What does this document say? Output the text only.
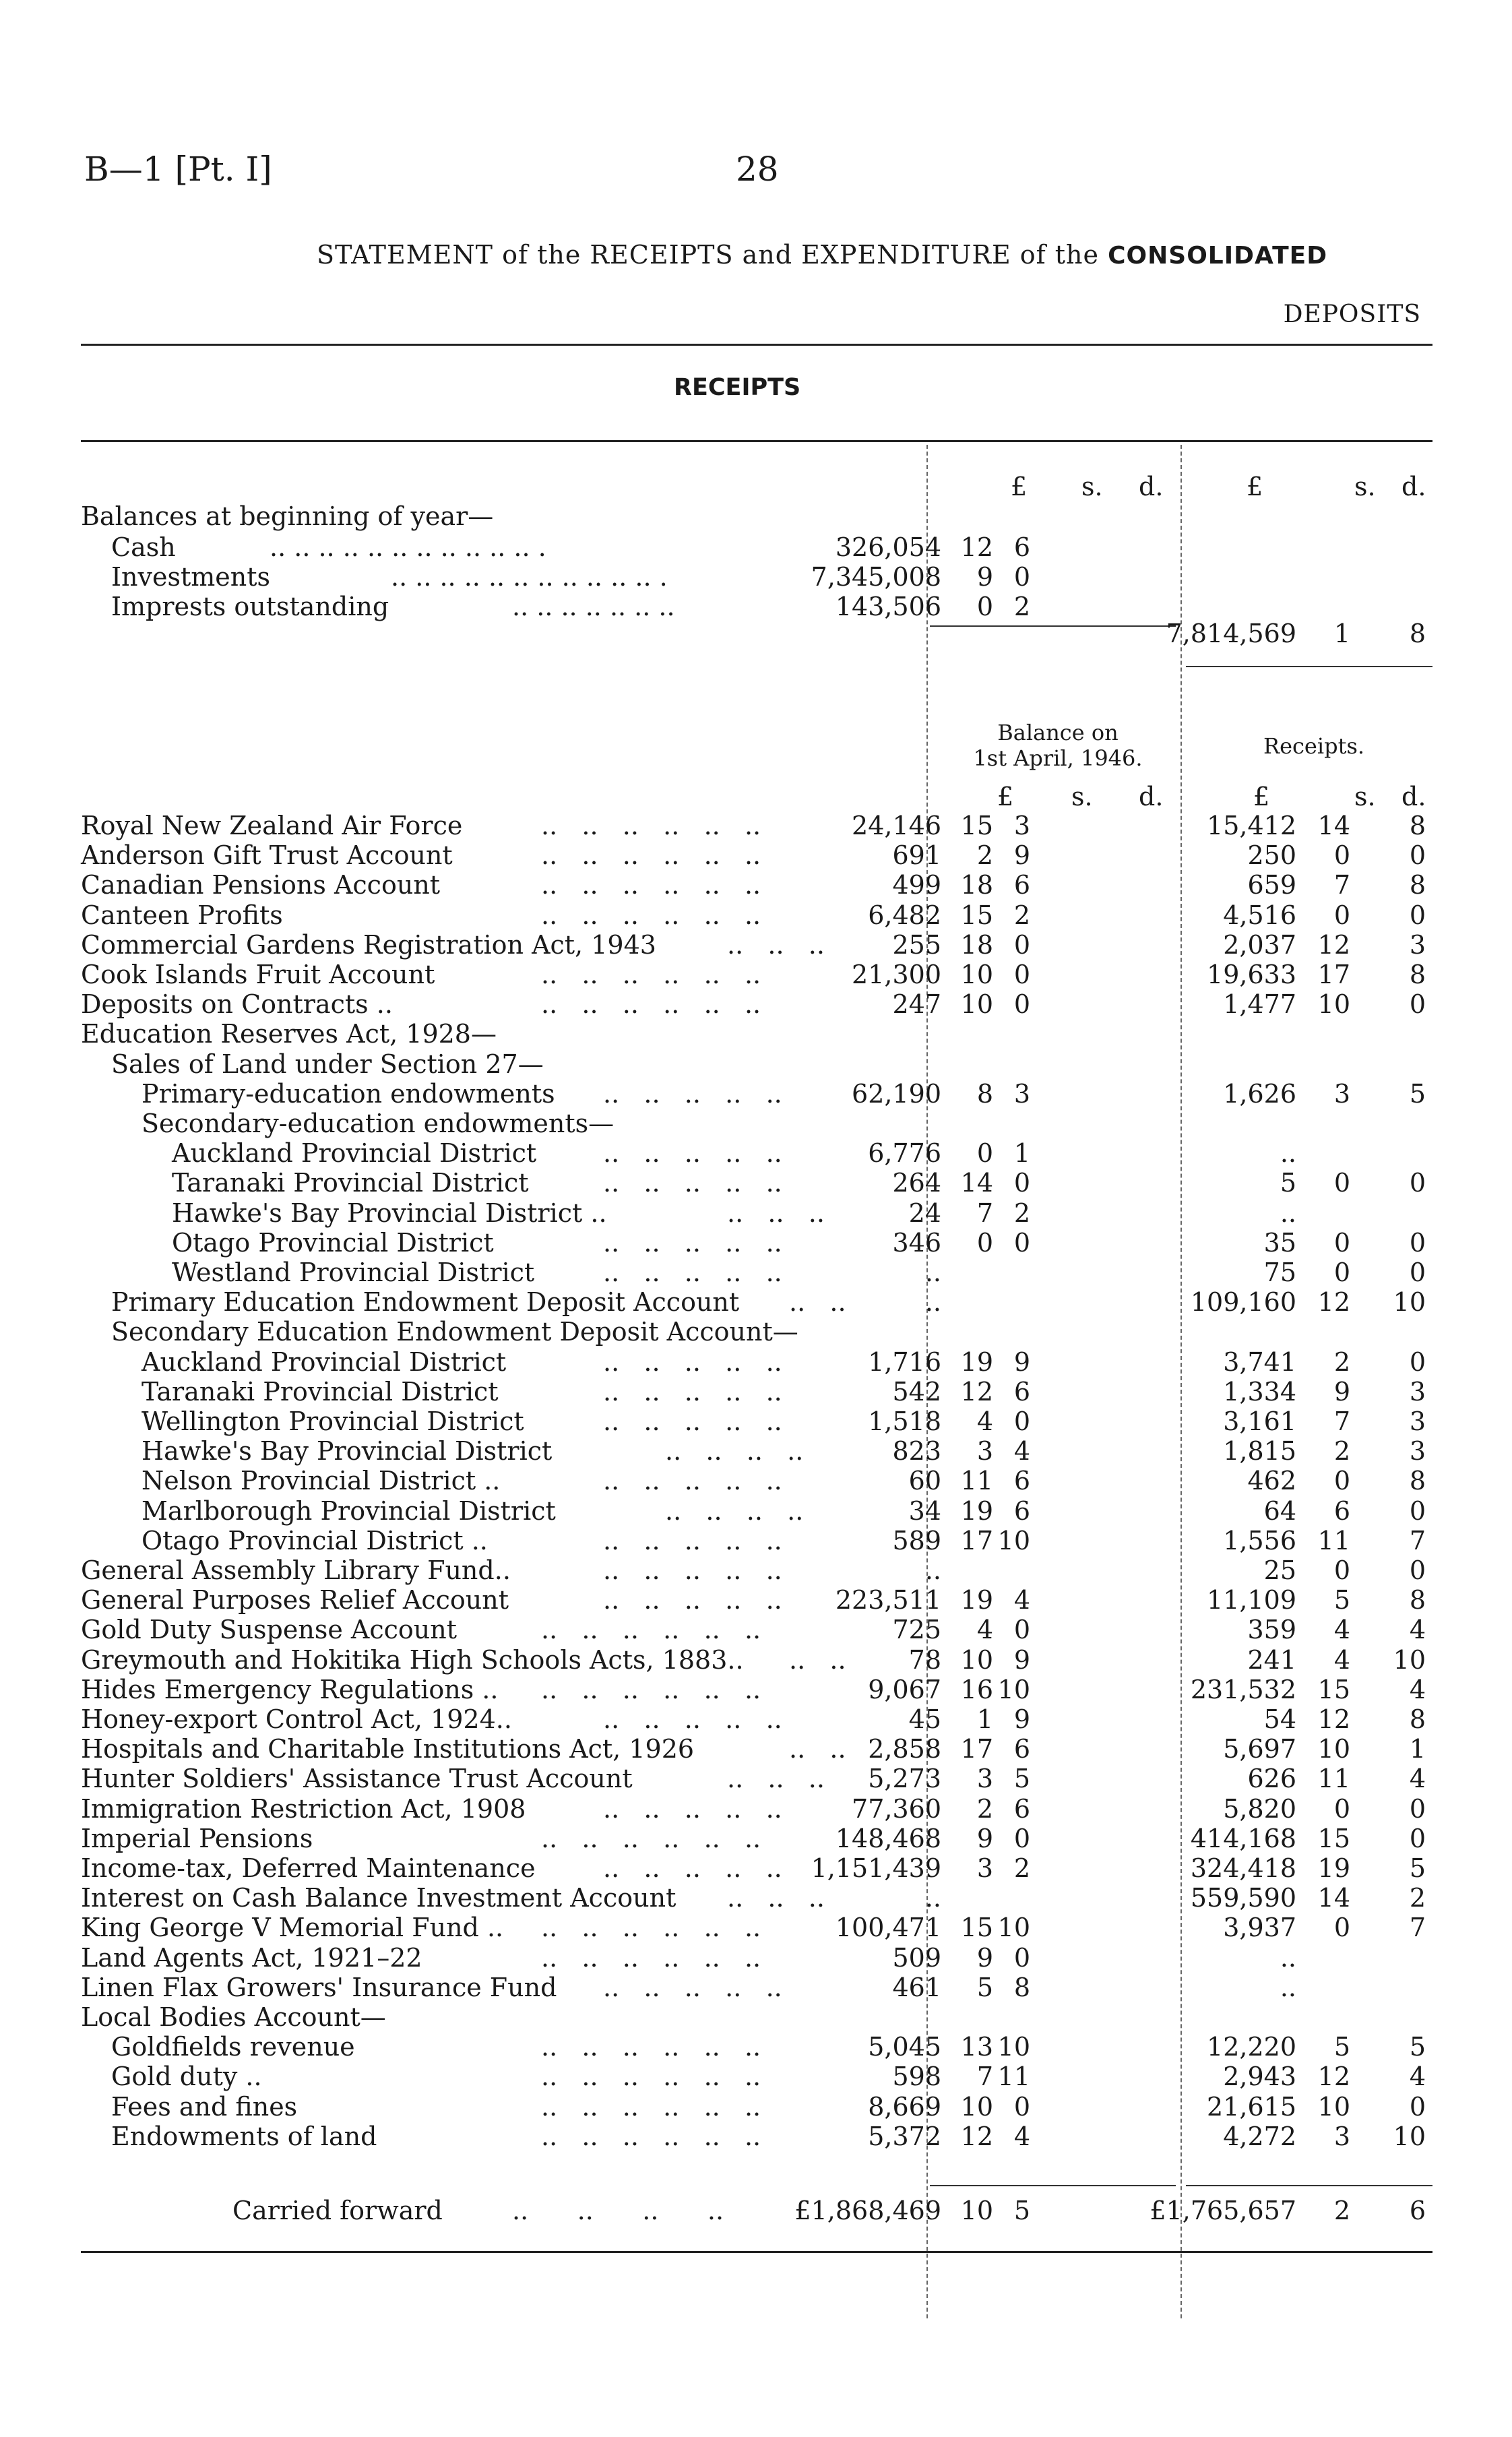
B—1 [Pt. I]	28
STATEMENT of the RECEIPTS and EXPENDITURE of the CONSOLIDATED
DEPOSITS
RECEIPTS
£ s. d.	£	s. d.
Balances at beginning of year—
Cash	.. .. .. .. .. .. .. .. .. .. .. .	326,054 12 6
Investments	.. .. .. .. .. .. .. .. .. .. .. .	7,345,008 9 0
Imprests outstanding	.. .. .. .. .. .. ..	143,506 0 2
7,814,569 1 8
Balance on
1st April, 1946.	Receipts.
£ s. d.	£	s. d.
Royal New Zealand Air Force	..   ..   ..   ..   ..   ..	24,146 15 3	15,412 14 8
Anderson Gift Trust Account	..   ..   ..   ..   ..   ..	691 2 9	250 0 0
Canadian Pensions Account	..   ..   ..   ..   ..   ..	499 18 6	659 7 8
Canteen Profits	..   ..   ..   ..   ..   ..	6,482 15 2	4,516 0 0
Commercial Gardens Registration Act, 1943	..   ..   ..	255 18 0	2,037 12 3
Cook Islands Fruit Account	..   ..   ..   ..   ..   ..	21,300 10 0	19,633 17 8
Deposits on Contracts ..	..   ..   ..   ..   ..   ..	247 10 0	1,477 10 0
Education Reserves Act, 1928—
Sales of Land under Section 27—
Primary-education endowments ..   ..   ..   ..   ..	62,190 8 3	1,626 3 5
Secondary-education endowments—
Auckland Provincial District	..   ..   ..   ..   ..	6,776 0 1	..
Taranaki Provincial District	..   ..   ..   ..   ..	264 14 0	5 0 0
Hawke's Bay Provincial District ..	..   ..   ..	24 7 2	..
Otago Provincial District	..   ..   ..   ..   ..	346 0 0	35 0 0
Westland Provincial District	..   ..   ..   ..   ..	..	75 0 0
Primary Education Endowment Deposit Account ..   ..	..	109,160 12 10
Secondary Education Endowment Deposit Account—
Auckland Provincial District	..   ..   ..   ..   ..	1,716 19 9	3,741 2 0
Taranaki Provincial District	..   ..   ..   ..   ..	542 12 6	1,334 9 3
Wellington Provincial District	..   ..   ..   ..   ..	1,518 4 0	3,161 7 3
Hawke's Bay Provincial District	..   ..   ..   ..	823 3 4	1,815 2 3
Nelson Provincial District ..	..   ..   ..   ..   ..	60 11 6	462 0 8
Marlborough Provincial District	..   ..   ..   ..	34 19 6	64 6 0
Otago Provincial District ..	..   ..   ..   ..   ..	589 17 10	1,556 11 7
General Assembly Library Fund..	..   ..   ..   ..   ..	..	25 0 0
General Purposes Relief Account	..   ..   ..   ..   .. 223,511 19 4	11,109 5 8
Gold Duty Suspense Account	..   ..   ..   ..   ..   ..	725 4 0	359 4 4
Greymouth and Hokitika High Schools Acts, 1883.. ..   .. 78 10 9	241 4 10
Hides Emergency Regulations .. ..   ..   ..   ..   ..   ..	9,067 16 10	231,532 15 4
Honey-export Control Act, 1924..	..   ..   ..   ..   ..	45 1 9	54 12 8
Hospitals and Charitable Institutions Act, 1926	..   .. 2,858 17 6	5,697 10 1
Hunter Soldiers' Assistance Trust Account	..   ..   .. 5,273 3 5	626 11 4
Immigration Restriction Act, 1908	..   ..   ..   ..   ..	77,360 2 6	5,820 0 0
Imperial Pensions	..   ..   ..   ..   ..   ..	148,468 9 0	414,168 15 0
Income-tax, Deferred Maintenance	..   ..   ..   ..   .. 1,151,439 3 2	324,418 19 5
Interest on Cash Balance Investment Account ..   ..   ..	..	559,590 14 2
King George V Memorial Fund .. ..   ..   ..   ..   ..   ..	100,471 15 10	3,937 0 7
Land Agents Act, 1921–22	..   ..   ..   ..   ..   ..	509 9 0	..
Linen Flax Growers' Insurance Fund ..   ..   ..   ..   ..	461 5 8	..
Local Bodies Account—
Goldfields revenue	..   ..   ..   ..   ..   ..	5,045 13 10	12,220 5 5
Gold duty ..	..   ..   ..   ..   ..   ..	598 7 11	2,943 12 4
Fees and fines	..   ..   ..   ..   ..   ..	8,669 10 0	21,615 10 0
Endowments of land	..   ..   ..   ..   ..   ..	5,372 12 4	4,272 3 10
Carried forward	..      ..      ..      ..	£1,868,469 10 5	£1,765,657 2 6
